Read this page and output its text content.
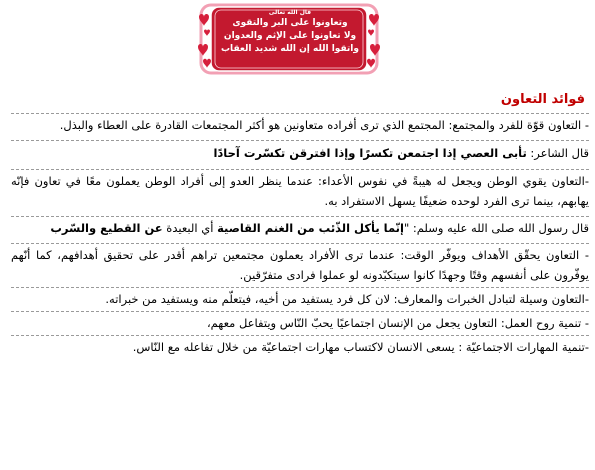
قال الله تعالى
وتعاونوا على البر والتقوى
ولا تعاونوا على الإثم والعدوان
واتقوا الله إن الله شديد العقاب
فوائد التعاون
- التعاون قوّة للفرد والمجتمع: المجتمع الذي ترى أفراده متعاونين هو أكثر المجتمعات القادرة على العطاء والبذل.
قال الشاعر: تأبى العصي إذا اجتمعن تكسرًا وإذا افترقن تكسّرت آحادًا
-التعاون يقوي الوطن ويجعل له هيبةً في نفوس الأعداء: عندما ينظر العدو إلى أفراد الوطن يعملون معًا في تعاون فإنّه يهابهم، بينما ترى الفرد لوحده ضعيفًا يسهل الاستفراد به.
قال رسول الله صلى الله عليه وسلم: "إنّما يأكل الذّئب من الغنم القاصية أي البعيدة عن القطيع والسّرب
- التعاون يحقّق الأهداف ويوفّر الوقت: عندما ترى الأفراد يعملون مجتمعين تراهم أقدر على تحقيق أهدافهم، كما أنّهم يوفّرون على أنفسهم وقتًا وجهدًا كانوا سيتكبّدونه لو عملوا فرادى متفرّقين.
-التعاون وسيلة لتبادل الخبرات والمعارف: لان كل فرد يستفيد من أخيه، فيتعلّم منه ويستفيد من خبراته.
- تنمية روح العمل: التعاون يجعل من الإنسان اجتماعيًا يحبّ النّاس ويتفاعل معهم،
-تنمية المهارات الاجتماعيّة : يسعى الانسان لاكتساب مهارات اجتماعيّة من خلال تفاعله مع النّاس.
